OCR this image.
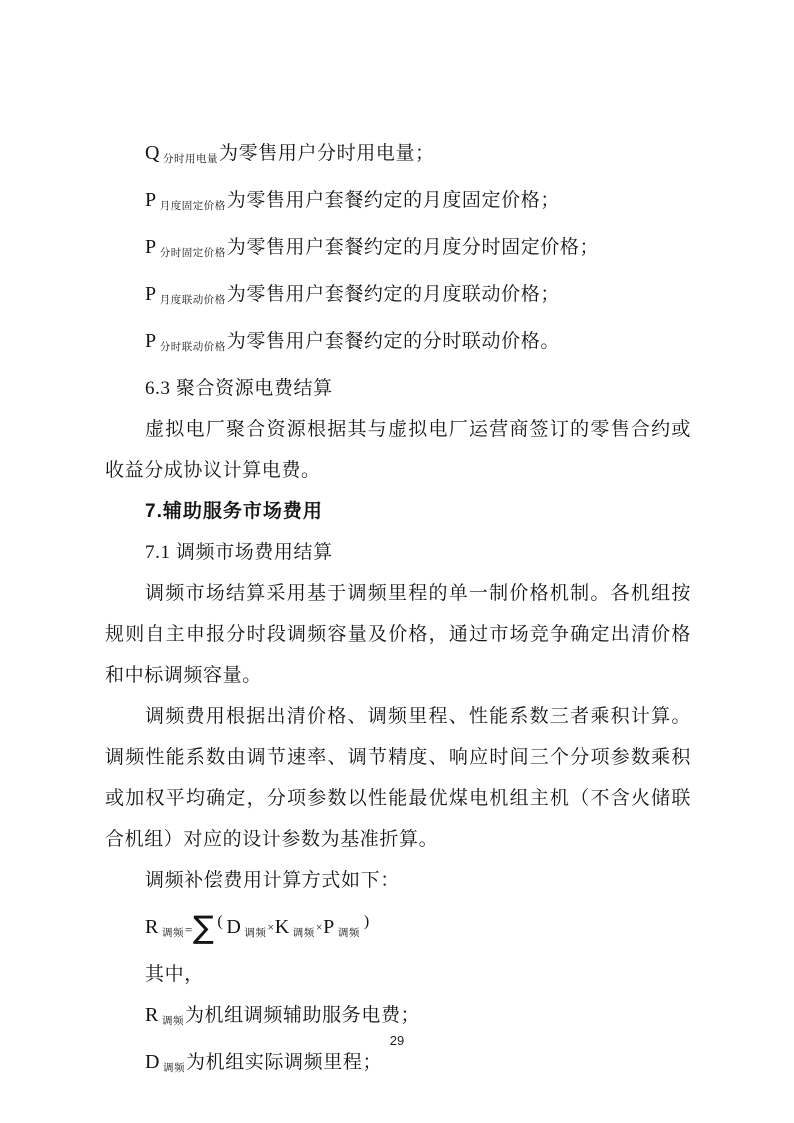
Q $_{分时用电量}$为零售用户分时用电量；

P $_{月度固定价格}$为零售用户套餐约定的月度固定价格；

P $_{分时固定价格}$为零售用户套餐约定的月度分时固定价格；

P $_{月度联动价格}$为零售用户套餐约定的月度联动价格；

P $_{分时联动价格}$为零售用户套餐约定的分时联动价格。

6.3 聚合资源电费结算

虚拟电厂聚合资源根据其与虚拟电厂运营商签订的零售合约或收益分成协议计算电费。

7.辅助服务市场费用

7.1 调频市场费用结算

调频市场结算采用基于调频里程的单一制价格机制。各机组按规则自主申报分时段调频容量及价格，通过市场竞争确定出清价格和中标调频容量。

调频费用根据出清价格、调频里程、性能系数三者乘积计算。调频性能系数由调节速率、调节精度、响应时间三个分项参数乘积或加权平均确定，分项参数以性能最优煤电机组主机（不含火储联合机组）对应的设计参数为基准折算。

调频补偿费用计算方式如下：

R $_{调频}$=∑ ( D $_{调频}$×K $_{调频}$×P $_{调频}$)

其中，

R $_{调频}$为机组调频辅助服务电费；

D $_{调频}$为机组实际调频里程；

29
